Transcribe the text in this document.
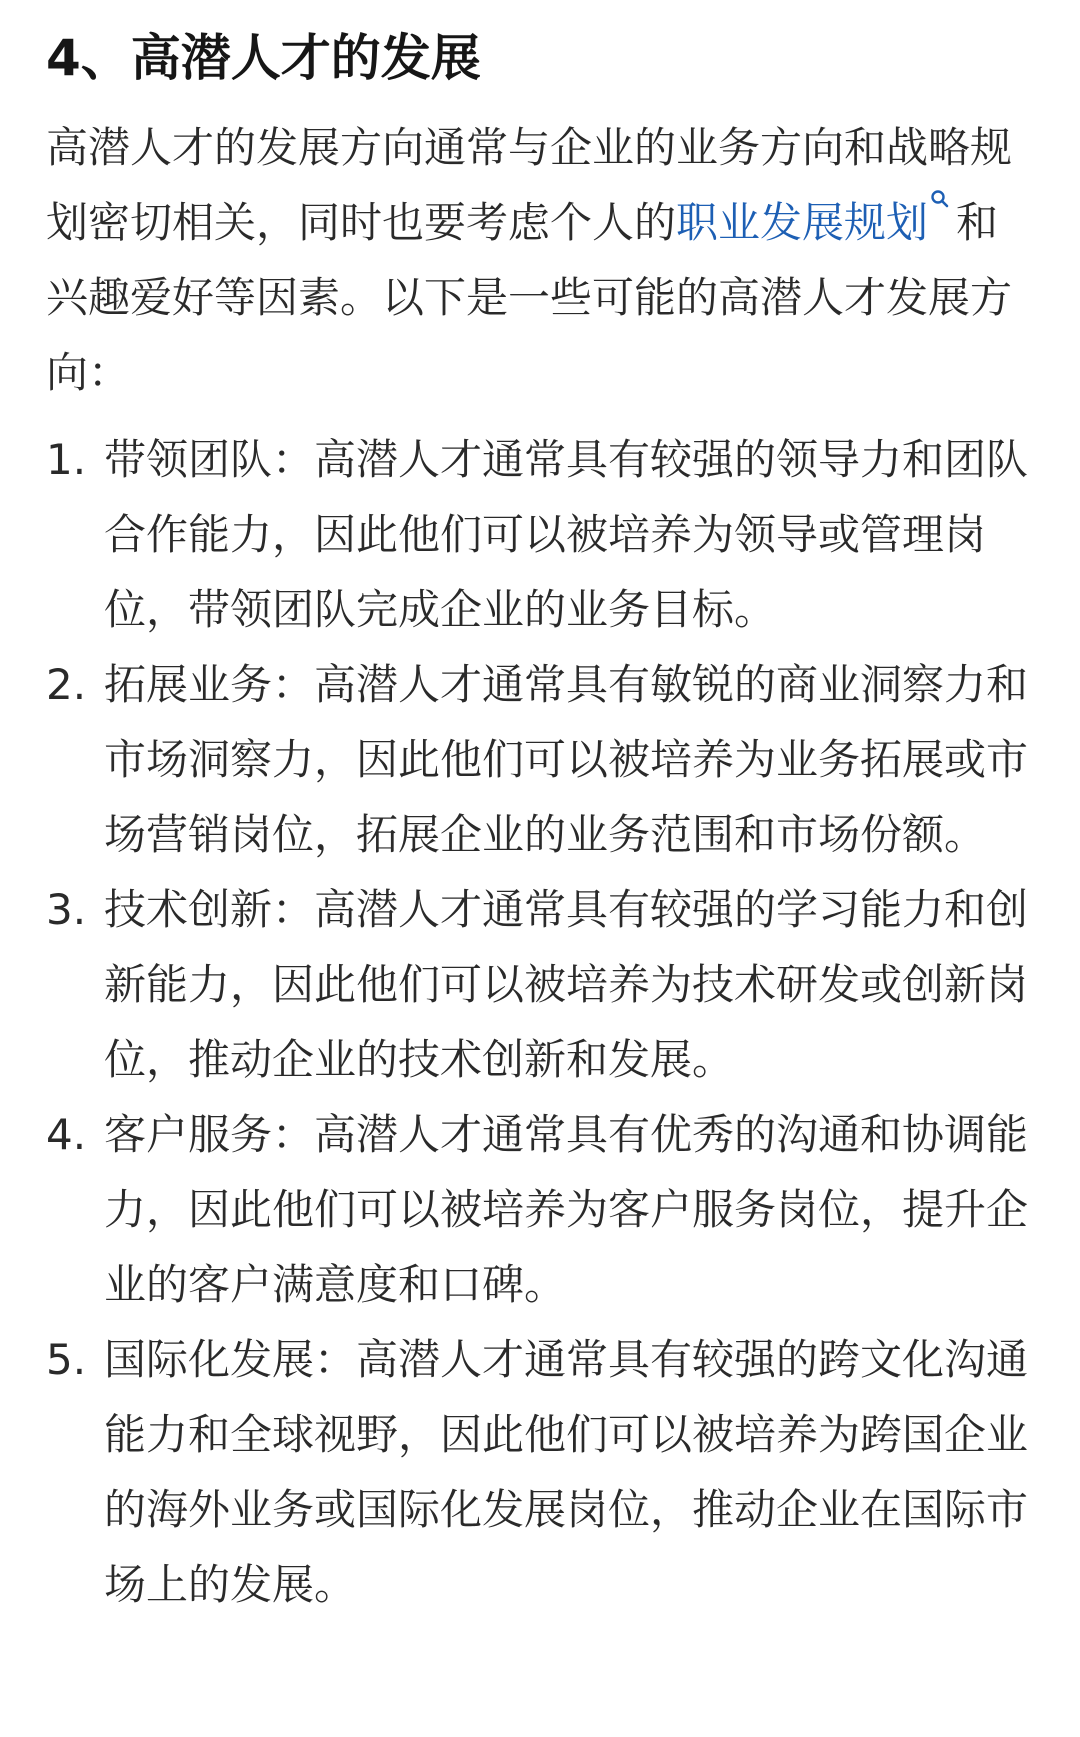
4、高潜人才的发展

高潜人才的发展方向通常与企业的业务方向和战略规划密切相关，同时也要考虑个人的职业发展规划 和兴趣爱好等因素。以下是一些可能的高潜人才发展方向：

1. 带领团队：高潜人才通常具有较强的领导力和团队合作能力，因此他们可以被培养为领导或管理岗位，带领团队完成企业的业务目标。
2. 拓展业务：高潜人才通常具有敏锐的商业洞察力和市场洞察力，因此他们可以被培养为业务拓展或市场营销岗位，拓展企业的业务范围和市场份额。
3. 技术创新：高潜人才通常具有较强的学习能力和创新能力，因此他们可以被培养为技术研发或创新岗位，推动企业的技术创新和发展。
4. 客户服务：高潜人才通常具有优秀的沟通和协调能力，因此他们可以被培养为客户服务岗位，提升企业的客户满意度和口碑。
5. 国际化发展：高潜人才通常具有较强的跨文化沟通能力和全球视野，因此他们可以被培养为跨国企业的海外业务或国际化发展岗位，推动企业在国际市场上的发展。
